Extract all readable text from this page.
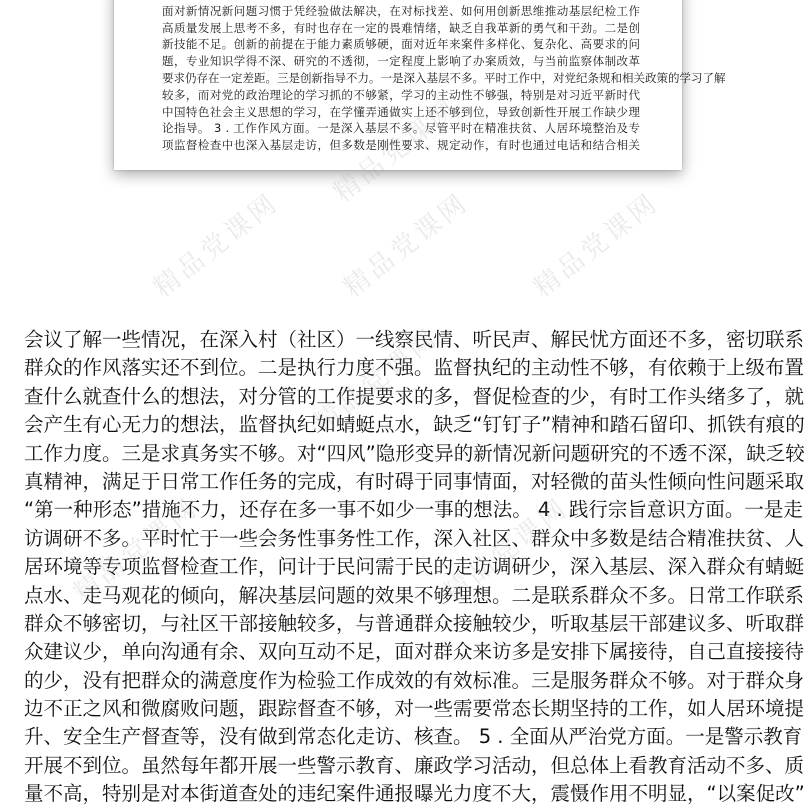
面对新情况新问题习惯于凭经验做法解决，在对标找差、如何用创新思维推动基层纪检工作
高质量发展上思考不多，有时也存在一定的畏难情绪，缺乏自我革新的勇气和干劲。二是创
新技能不足。创新的前提在于能力素质够硬，面对近年来案件多样化、复杂化、高要求的问
题，专业知识学得不深、研究的不透彻，一定程度上影响了办案质效，与当前监察体制改革
要求仍存在一定差距。三是创新指导不力。一是深入基层不多。平时工作中，对党纪条规和相关政策的学习了解
较多，而对党的政治理论的学习抓的不够紧，学习的主动性不够强，特别是对习近平新时代
中国特色社会主义思想的学习，在学懂弄通做实上还不够到位，导致创新性开展工作缺少理
论指导。 3 . 工作作风方面。一是深入基层不多。尽管平时在精准扶贫、人居环境整治及专
项监督检查中也深入基层走访，但多数是刚性要求、规定动作，有时也通过电话和结合相关
会议了解一些情况，在深入村（社区）一线察民情、听民声、解民忧方面还不多，密切联系
群众的作风落实还不到位。二是执行力度不强。监督执纪的主动性不够，有依赖于上级布置
查什么就查什么的想法，对分管的工作提要求的多，督促检查的少，有时工作头绪多了，就
会产生有心无力的想法，监督执纪如蜻蜓点水，缺乏“钉钉子”精神和踏石留印、抓铁有痕的
工作力度。三是求真务实不够。对“四风”隐形变异的新情况新问题研究的不透不深，缺乏较
真精神，满足于日常工作任务的完成，有时碍于同事情面，对轻微的苗头性倾向性问题采取
“第一种形态”措施不力，还存在多一事不如少一事的想法。 4 . 践行宗旨意识方面。一是走
访调研不多。平时忙于一些会务性事务性工作，深入社区、群众中多数是结合精准扶贫、人
居环境等专项监督检查工作，问计于民问需于民的走访调研少，深入基层、深入群众有蜻蜓
点水、走马观花的倾向，解决基层问题的效果不够理想。二是联系群众不多。日常工作联系
群众不够密切，与社区干部接触较多，与普通群众接触较少，听取基层干部建议多、听取群
众建议少，单向沟通有余、双向互动不足，面对群众来访多是安排下属接待，自己直接接待
的少，没有把群众的满意度作为检验工作成效的有效标准。三是服务群众不够。对于群众身
边不正之风和微腐败问题，跟踪督查不够，对一些需要常态长期坚持的工作，如人居环境提
升、安全生产督查等，没有做到常态化走访、核查。 5 . 全面从严治党方面。一是警示教育
开展不到位。虽然每年都开展一些警示教育、廉政学习活动，但总体上看教育活动不多、质
量不高，特别是对本街道查处的违纪案件通报曝光力度不大，震慑作用不明显，“以案促改”
精品党课网 精品党课网 精品党课网
精品党课网
精品党课网
精品党课网
精品党课网
